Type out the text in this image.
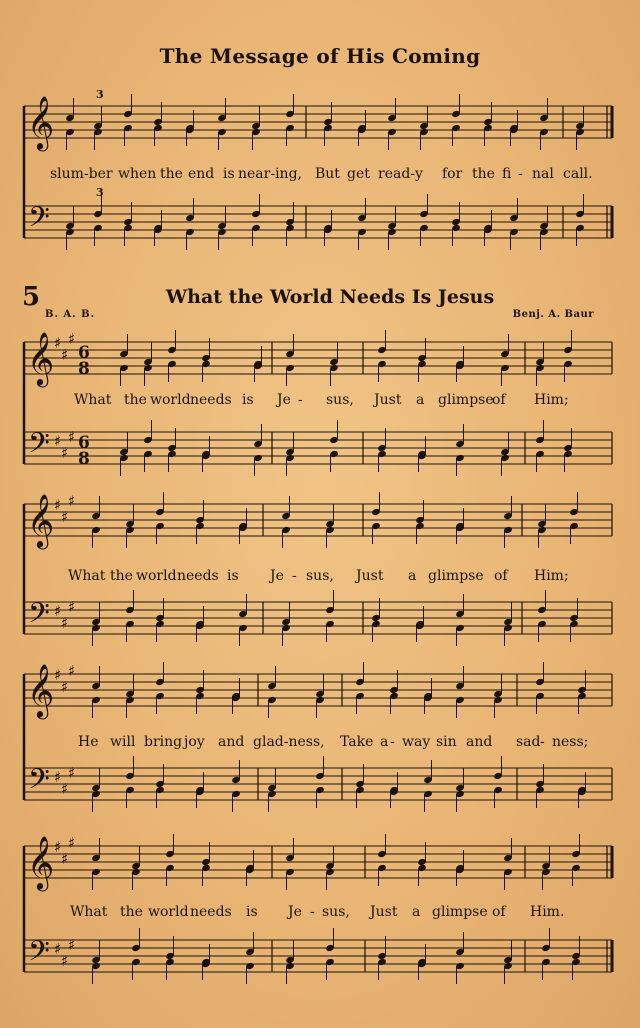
The Message of His Coming
𝄞
𝄢
3
3
slum-ber when the end is near-ing, But get read-y for the fi - nal call.
5	What the World Needs Is Jesus
B. A. B.	Benj. A. Baur
𝄞
𝄢
♯
♯
♯
♯
♯
♯
6
8
6
8
What the world needs is Je - sus, Just a glimpse
of Him;
𝄞
𝄢
♯
♯
♯
♯
♯
♯
What the world needs is Je - sus, Just a glimpse of Him;
𝄞
𝄢
♯
♯
♯
♯
♯
♯
He will bring joy and glad-ness, Take a - way sin and sad - ness;
𝄞
𝄢
♯
♯
♯
♯
♯
♯
What the world needs is Je - sus, Just a glimpse of Him.
